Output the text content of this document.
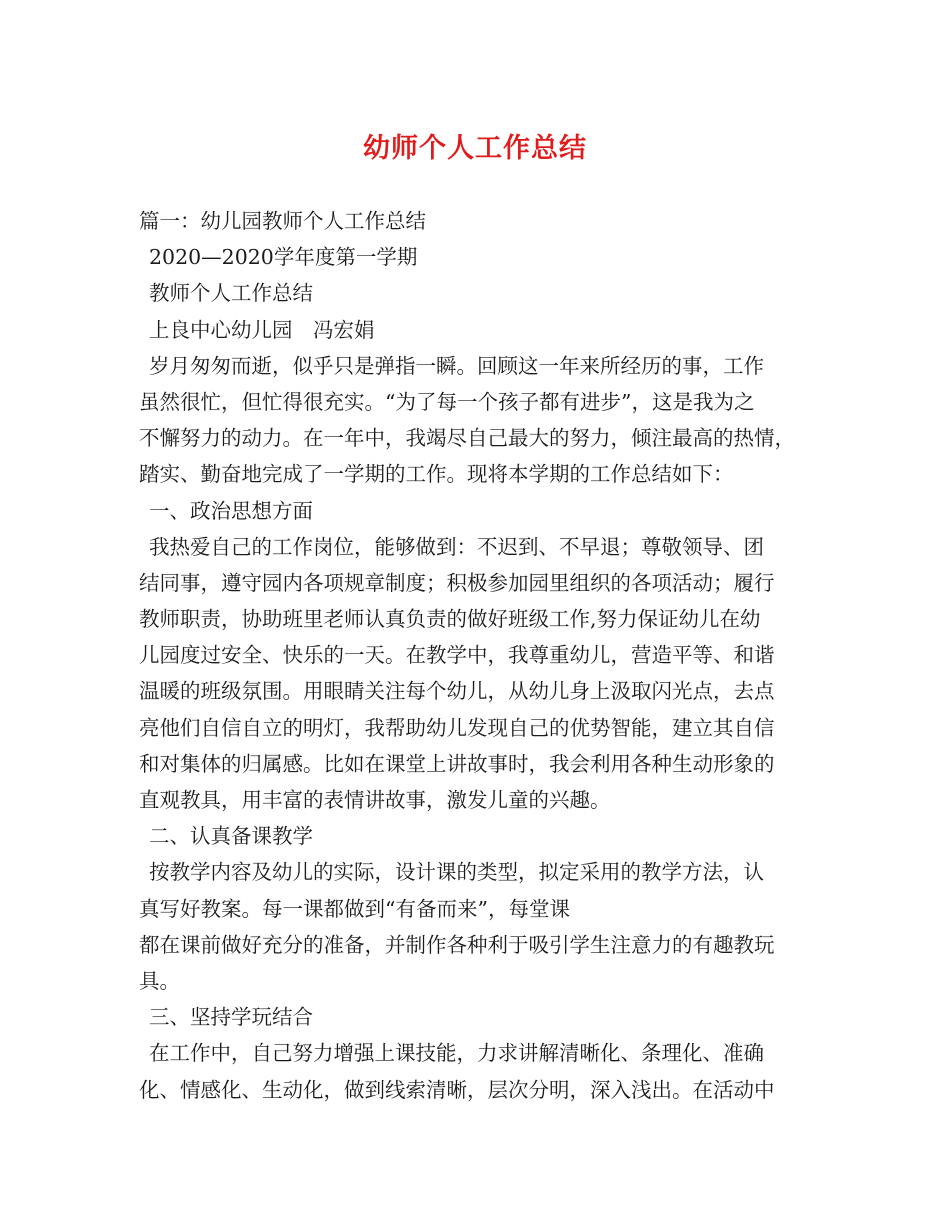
幼师个人工作总结
篇一：幼儿园教师个人工作总结
2020—2020学年度第一学期
教师个人工作总结
上良中心幼儿园　冯宏娟
岁月匆匆而逝，似乎只是弹指一瞬。回顾这一年来所经历的事，工作
虽然很忙，但忙得很充实。“为了每一个孩子都有进步”，这是我为之
不懈努力的动力。在一年中，我竭尽自己最大的努力，倾注最高的热情，
踏实、勤奋地完成了一学期的工作。现将本学期的工作总结如下：
一、政治思想方面
我热爱自己的工作岗位，能够做到：不迟到、不早退；尊敬领导、团
结同事，遵守园内各项规章制度；积极参加园里组织的各项活动；履行
教师职责，协助班里老师认真负责的做好班级工作,努力保证幼儿在幼
儿园度过安全、快乐的一天。在教学中，我尊重幼儿，营造平等、和谐
温暖的班级氛围。用眼睛关注每个幼儿，从幼儿身上汲取闪光点，去点
亮他们自信自立的明灯，我帮助幼儿发现自己的优势智能，建立其自信
和对集体的归属感。比如在课堂上讲故事时，我会利用各种生动形象的
直观教具，用丰富的表情讲故事，激发儿童的兴趣。
二、认真备课教学
按教学内容及幼儿的实际，设计课的类型，拟定采用的教学方法，认
真写好教案。每一课都做到“有备而来”，每堂课
都在课前做好充分的准备，并制作各种利于吸引学生注意力的有趣教玩
具。
三、坚持学玩结合
在工作中，自己努力增强上课技能，力求讲解清晰化、条理化、准确
化、情感化、生动化，做到线索清晰，层次分明，深入浅出。在活动中
